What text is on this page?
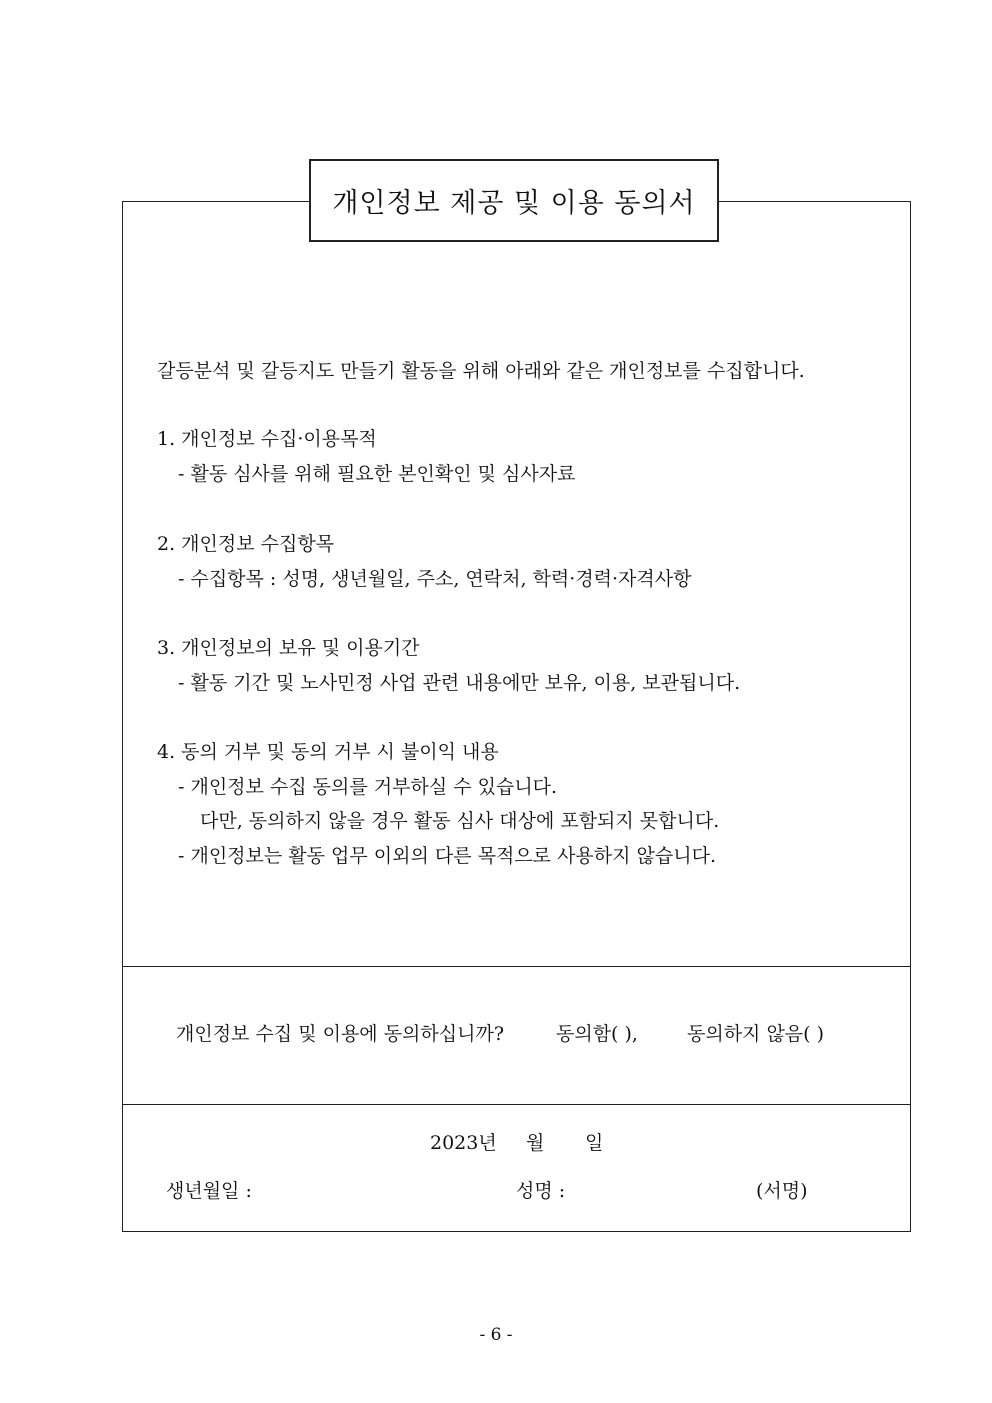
개인정보 제공 및 이용 동의서
갈등분석 및 갈등지도 만들기 활동을 위해 아래와 같은 개인정보를 수집합니다.
1. 개인정보 수집·이용목적
- 활동 심사를 위해 필요한 본인확인 및 심사자료
2. 개인정보 수집항목
- 수집항목 : 성명, 생년월일, 주소, 연락처, 학력·경력·자격사항
3. 개인정보의 보유 및 이용기간
- 활동 기간 및 노사민정 사업 관련 내용에만 보유, 이용, 보관됩니다.
4. 동의 거부 및 동의 거부 시 불이익 내용
- 개인정보 수집 동의를 거부하실 수 있습니다.
다만, 동의하지 않을 경우 활동 심사 대상에 포함되지 못합니다.
- 개인정보는 활동 업무 이외의 다른 목적으로 사용하지 않습니다.
개인정보 수집 및 이용에 동의하십니까?	동의함( ),	동의하지 않음( )
2023년 월 일
생년월일 :	성명 :	(서명)
- 6 -
